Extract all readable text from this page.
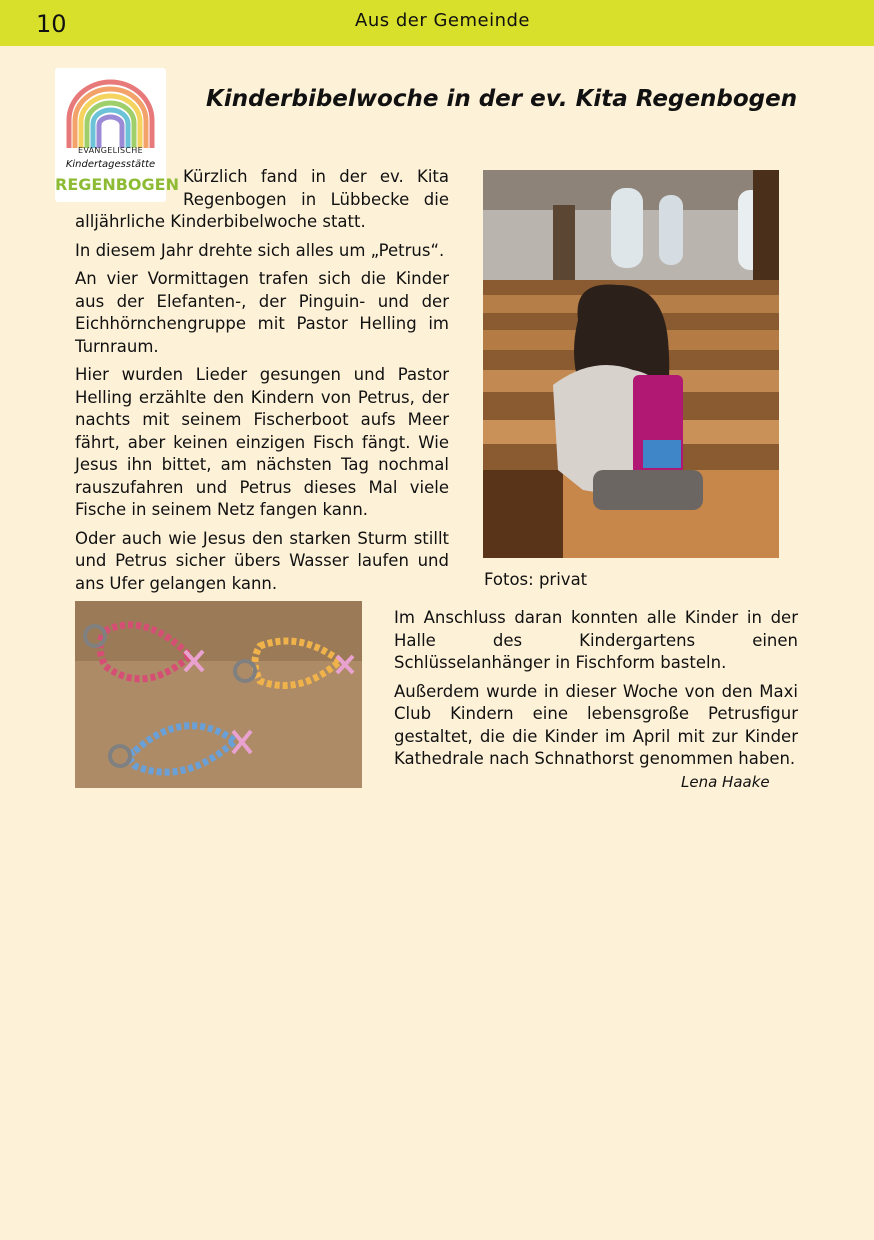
10	Aus der Gemeinde
EVANGELISCHE
Kindertagesstätte
REGENBOGEN
Kinderbibelwoche in der ev. Kita Regenbogen

Kürzlich fand in der ev. Kita Regenbogen in Lübbecke die alljährliche Kinderbibelwoche statt.

In diesem Jahr drehte sich alles um „Petrus“.

An vier Vormittagen trafen sich die Kinder aus der Elefanten-, der Pinguin- und der Eichhörnchengruppe mit Pastor Helling im Turnraum.

Hier wurden Lieder gesungen und Pastor Helling erzählte den Kindern von Petrus, der nachts mit seinem Fischerboot aufs Meer fährt, aber keinen einzigen Fisch fängt. Wie Jesus ihn bittet, am nächsten Tag nochmal rauszufahren und Petrus dieses Mal viele Fische in seinem Netz fangen kann.

Oder auch wie Jesus den starken Sturm stillt und Petrus sicher übers Wasser laufen und ans Ufer gelangen kann.	Fotos: privat

Im Anschluss daran konnten alle Kinder in der Halle des Kindergartens einen Schlüsselanhänger in Fischform basteln.

Außerdem wurde in dieser Woche von den Maxi Club Kindern eine lebensgroße Petrusfigur gestaltet, die die Kinder im April mit zur Kinder Kathedrale nach Schnathorst genommen haben.

Lena Haake
